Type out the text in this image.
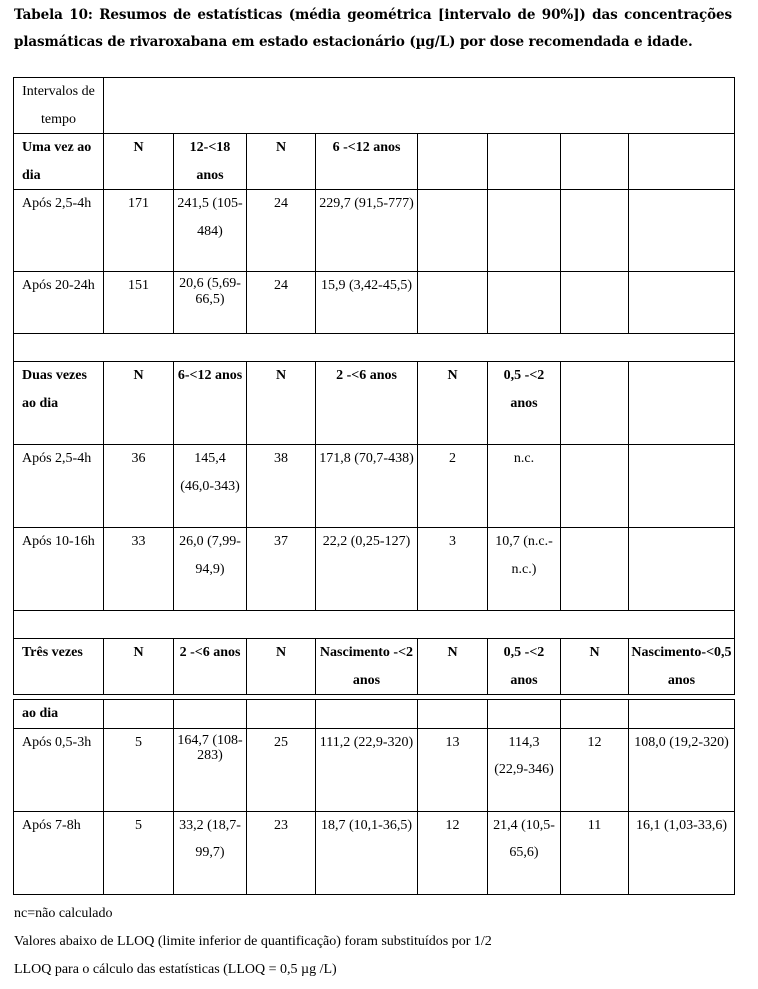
Tabela 10: Resumos de estatísticas (média geométrica [intervalo de 90%]) das concentrações plasmáticas de rivaroxabana em estado estacionário (µg/L) por dose recomendada e idade.
Intervalos de tempo								
Uma vez ao dia	N	12-<18 anos	N	6 -<12 anos				
Após 2,5-4h	171	241,5 (105-484)	24	229,7 (91,5-777)				
Após 20-24h	151	20,6 (5,69-66,5)	24	15,9 (3,42-45,5)				

Duas vezes ao dia	N	6-<12 anos	N	2 -<6 anos	N	0,5 -<2 anos		
Após 2,5-4h	36	145,4 (46,0-343)	38	171,8 (70,7-438)	2	n.c.		
Após 10-16h	33	26,0 (7,99-94,9)	37	22,2 (0,25-127)	3	10,7 (n.c.-n.c.)		

Três vezes	N	2 -<6 anos	N	Nascimento -<2 anos	N	0,5 -<2 anos	N	Nascimento-<0,5 anos
ao dia								
Após 0,5-3h	5	164,7 (108-283)	25	111,2 (22,9-320)	13	114,3 (22,9-346)	12	108,0 (19,2-320)
Após 7-8h	5	33,2 (18,7-99,7)	23	18,7 (10,1-36,5)	12	21,4 (10,5-65,6)	11	16,1 (1,03-33,6)
nc=não calculado
Valores abaixo de LLOQ (limite inferior de quantificação) foram substituídos por 1/2
LLOQ para o cálculo das estatísticas (LLOQ = 0,5 µg /L)
